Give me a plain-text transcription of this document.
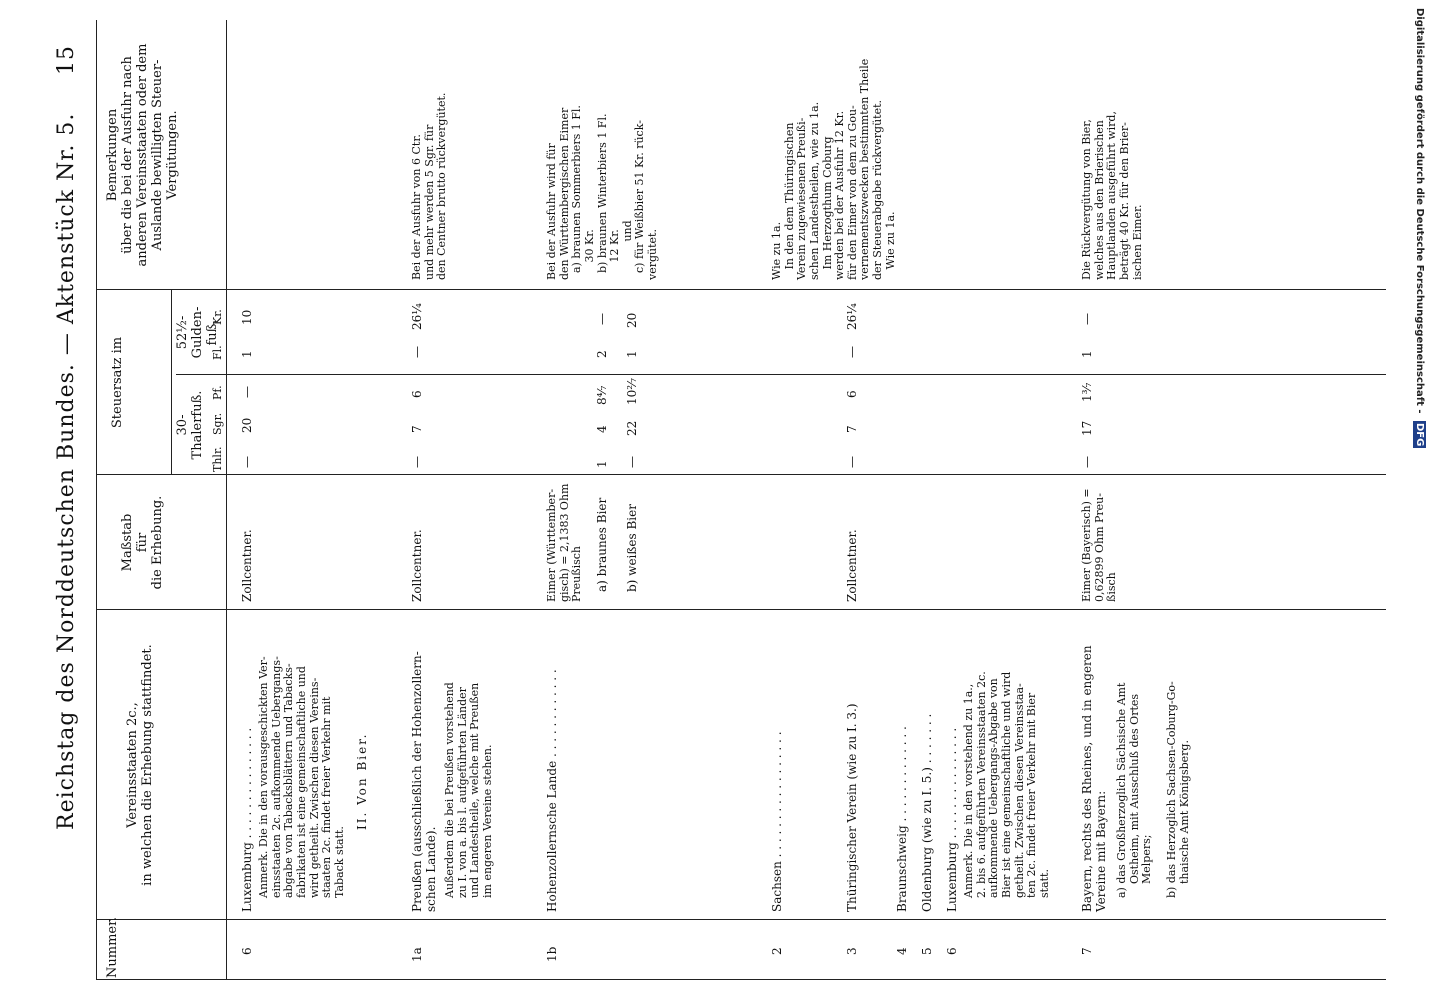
Digitalisierung gefördert durch die Deutsche Forschungsgemeinschaft - DFG
Reichstag des Norddeutschen Bundes. — Aktenstück Nr. 5.
15
Nummer.
Vereinsstaaten 2c.,
in welchen die Erhebung stattfindet.
Maßstab
für
die Erhebung.
Steuersatz im	30-
Thalerfuß.
52½-
Gulden-
fuß.
Thlr.
Sgr.
Pf.
Fl.
Kr.
Bemerkungen
über die bei der Ausfuhr nach
anderen Vereinsstaaten oder dem
Auslande bewilligten Steuer-
Vergütungen.
6
Luxemburg . . . . . . . . . . . . . . . Anmerk. Die in den vorausgeschickten Ver-
einsstaaten 2c. aufkommende Uebergangs-
abgabe von Tabacksblättern und Tabacks-
fabrikaten ist eine gemeinschaftliche und
wird getheilt. Zwischen diesen Vereins-
staaten 2c. findet freier Verkehr mit
Taback statt.
Zollcentner.
—
20
—
1
10
II. Von Bier.
1a
Preußen (ausschließlich der Hohenzollern-
schen Lande). Außerdem die bei Preußen vorstehend
zu I. von a. bis l. aufgeführten Länder
und Landestheile, welche mit Preußen
im engeren Vereine stehen.
Zollcentner.
—
7
6
—
26¼
Bei der Ausfuhr von 6 Ctr.
und mehr werden 5 Sgr. für
den Centner brutto rückvergütet.
1b
Hohenzollernsche Lande . . . . . . . . . . . .
Eimer (Württember-
gisch) = 2,1383 Ohm
Preußisch a) braunes Bier b) weißes Bier
1
4
8⁴⁄₇
2
—
—
22
10²⁄₇
1
20
Bei der Ausfuhr wird für
den Württembergischen Eimer
a) braunen Sommerbiers 1 Fl.
30 Kr.
b) braunen Winterbiers 1 Fl.
12 Kr.
und
c) für Weißbier 51 Kr. rück-
vergütet.
2
Sachsen . . . . . . . . . . . . . . . . .
Wie zu 1a.
In den dem Thüringischen
Verein zugewiesenen Preußi-
schen Landestheilen, wie zu 1a.
Im Herzogthum Coburg
werden bei der Ausfuhr 12 Kr.
für den Eimer von dem zu Gou-
vernementszwecken bestimmten Theile
der Steuerabgabe rückvergütet.
Wie zu 1a.
3
Thüringischer Verein (wie zu I. 3.)
Zollcentner.
—
7
6
—
26¼
4
Braunschweig . . . . . . . . . . . . .
5
Oldenburg (wie zu I. 5.) . . . . . . .
6
Luxemburg . . . . . . . . . . . . . . . Anmerk. Die in den vorstehend zu 1a.,
2. bis 6. aufgeführten Vereinsstaaten 2c.
aufkommende Uebergangs-Abgabe von
Bier ist eine gemeinschaftliche und wird
getheilt. Zwischen diesen Vereinsstaa-
ten 2c. findet freier Verkehr mit Bier
statt.
7
Bayern, rechts des Rheines, und in engeren
Vereine mit Bayern:
a) das Großherzoglich Sächsische Amt
Ostheim, mit Ausschluß des Ortes
Melpers;
b) das Herzoglich Sachsen-Coburg-Go-
thaische Amt Königsberg.
Eimer (Bayerisch) =
0,62899 Ohm Preu-
ßisch
—
17
1³⁄₇
1
—
Die Rückvergütung von Bier,
welches aus den Brierischen
Hauptlanden ausgeführt wird,
beträgt 40 Kr. für den Brier-
ischen Eimer.
